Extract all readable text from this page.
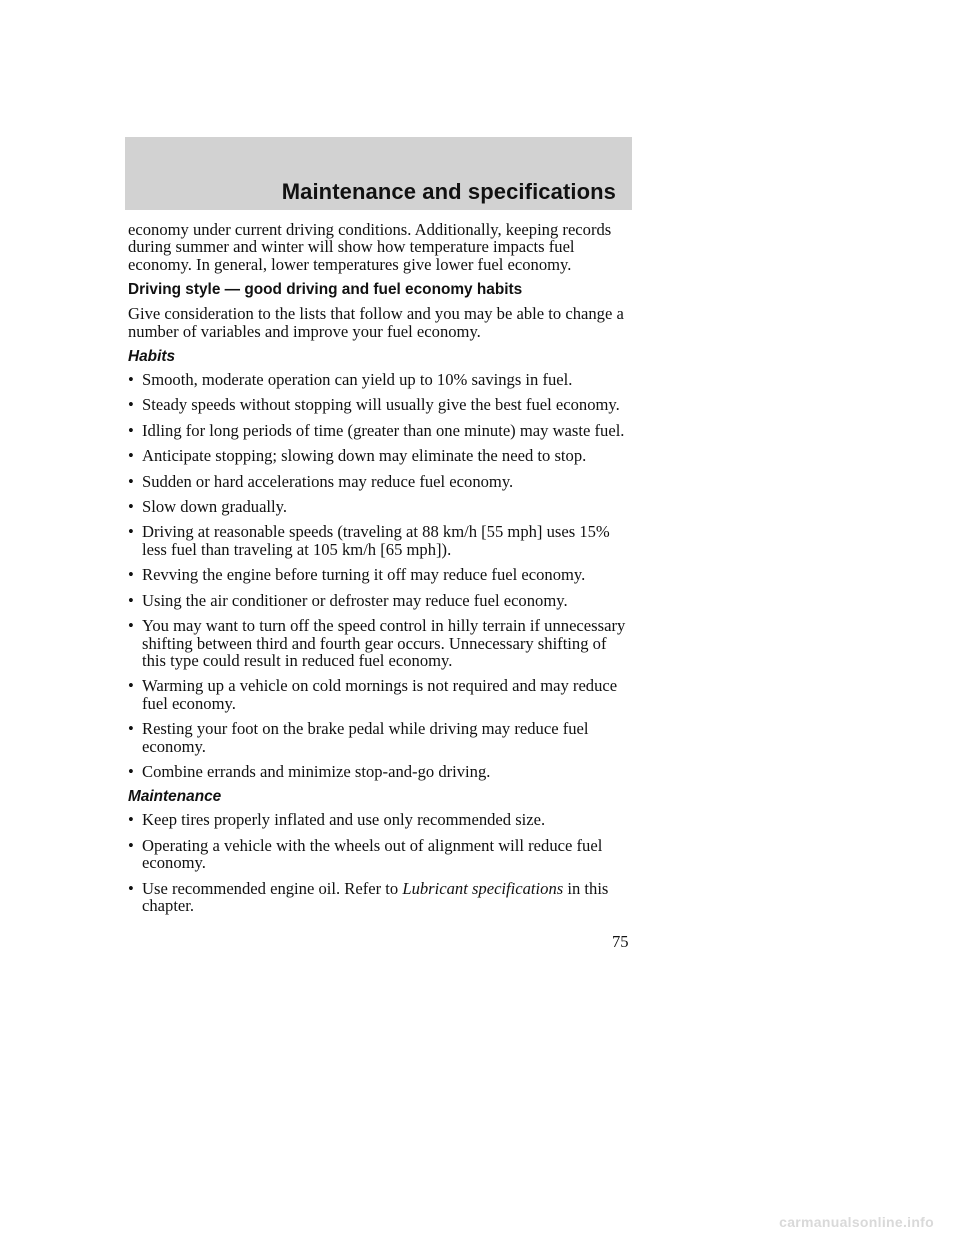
Maintenance and specifications

economy under current driving conditions. Additionally, keeping records during summer and winter will show how temperature impacts fuel economy. In general, lower temperatures give lower fuel economy.

Driving style — good driving and fuel economy habits

Give consideration to the lists that follow and you may be able to change a number of variables and improve your fuel economy.

Habits
• Smooth, moderate operation can yield up to 10% savings in fuel.
• Steady speeds without stopping will usually give the best fuel economy.
• Idling for long periods of time (greater than one minute) may waste fuel.
• Anticipate stopping; slowing down may eliminate the need to stop.
• Sudden or hard accelerations may reduce fuel economy.
• Slow down gradually.
• Driving at reasonable speeds (traveling at 88 km/h [55 mph] uses 15% less fuel than traveling at 105 km/h [65 mph]).
• Revving the engine before turning it off may reduce fuel economy.
• Using the air conditioner or defroster may reduce fuel economy.
• You may want to turn off the speed control in hilly terrain if unnecessary shifting between third and fourth gear occurs. Unnecessary shifting of this type could result in reduced fuel economy.
• Warming up a vehicle on cold mornings is not required and may reduce fuel economy.
• Resting your foot on the brake pedal while driving may reduce fuel economy.
• Combine errands and minimize stop-and-go driving.
Maintenance
• Keep tires properly inflated and use only recommended size.
• Operating a vehicle with the wheels out of alignment will reduce fuel economy.
• Use recommended engine oil. Refer to Lubricant specifications in this chapter.
75
carmanualsonline.info
